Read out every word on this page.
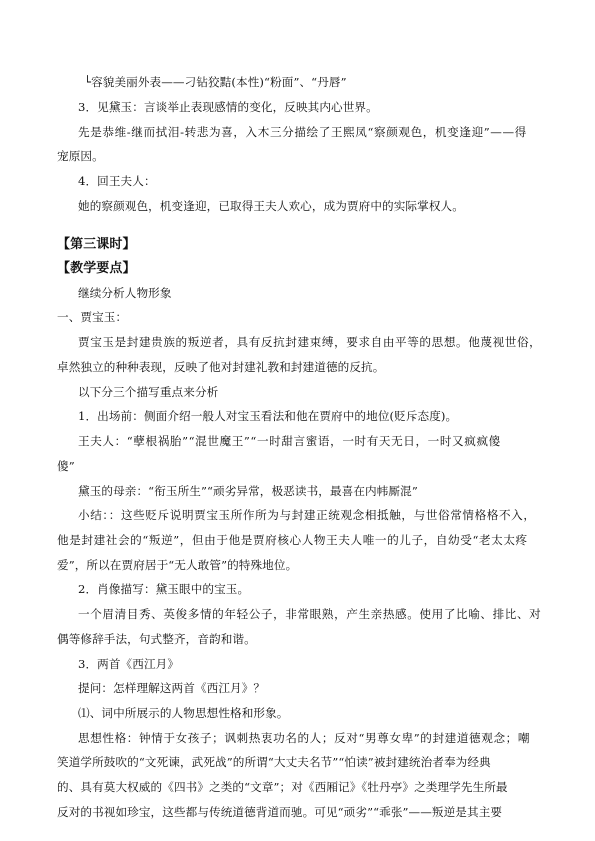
└容貌美丽外表——刁钻狡黠(本性)“粉面”、“丹唇”
3．见黛玉：言谈举止表现感情的变化，反映其内心世界。
先是恭维-继而拭泪-转悲为喜，入木三分描绘了王熙凤“察颜观色，机变逢迎”——得
宠原因。
4．回王夫人：
她的察颜观色，机变逢迎，已取得王夫人欢心，成为贾府中的实际掌权人。
【第三课时】
【教学要点】
继续分析人物形象
一、贾宝玉：
贾宝玉是封建贵族的叛逆者，具有反抗封建束缚，要求自由平等的思想。他蔑视世俗，
卓然独立的种种表现，反映了他对封建礼教和封建道德的反抗。
以下分三个描写重点来分析
1．出场前：侧面介绍一般人对宝玉看法和他在贾府中的地位(贬斥态度)。
王夫人：“孽根祸胎”“混世魔王”“一时甜言蜜语，一时有天无日，一时又疯疯傻
傻”
黛玉的母亲：“衔玉所生”“顽劣异常，极恶读书，最喜在内帏厮混”
小结：：这些贬斥说明贾宝玉所作所为与封建正统观念相抵触，与世俗常情格格不入，
他是封建社会的“叛逆”，但由于他是贾府核心人物王夫人唯一的儿子，自幼受“老太太疼
爱”，所以在贾府居于“无人敢管”的特殊地位。
2．肖像描写：黛玉眼中的宝玉。
一个眉清目秀、英俊多情的年轻公子，非常眼熟，产生亲热感。使用了比喻、排比、对
偶等修辞手法，句式整齐，音韵和谐。
3．两首《西江月》
提问：怎样理解这两首《西江月》？
⑴、词中所展示的人物思想性格和形象。
思想性格：钟情于女孩子；讽刺热衷功名的人；反对“男尊女卑”的封建道德观念；嘲
笑道学所鼓吹的“文死谏，武死战”的所谓“大丈夫名节”“怕读”被封建统治者奉为经典
的、具有莫大权威的《四书》之类的“文章”；对《西厢记》《牡丹亭》之类理学先生所最
反对的书视如珍宝，这些都与传统道德背道而驰。可见“顽劣”“乖张”——叛逆是其主要
